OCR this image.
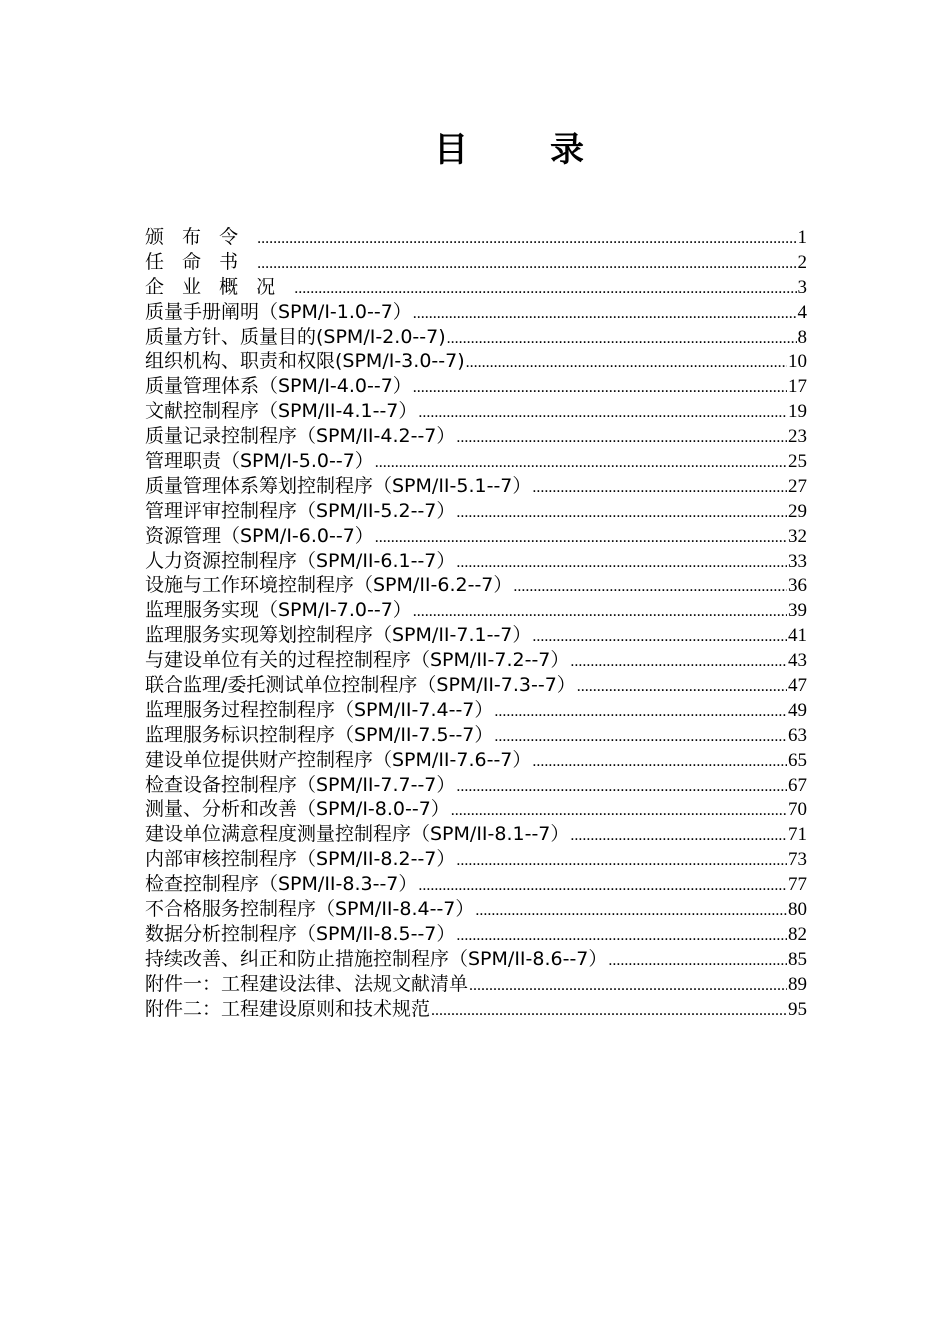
目 录
颁布令 .....	1
任命书 .....	2
企业概况 .....	3
质量手册阐明（SPM/I-1.0--7） .....	4
质量方针、质量目的(SPM/I-2.0--7) .....	8
组织机构、职责和权限(SPM/I-3.0--7) .....	10
质量管理体系（SPM/I-4.0--7） .....	17
文献控制程序（SPM/II-4.1--7） .....	19
质量记录控制程序（SPM/II-4.2--7） .....	23
管理职责（SPM/I-5.0--7） .....	25
质量管理体系筹划控制程序（SPM/II-5.1--7） .....	27
管理评审控制程序（SPM/II-5.2--7） .....	29
资源管理（SPM/I-6.0--7） .....	32
人力资源控制程序（SPM/II-6.1--7） .....	33
设施与工作环境控制程序（SPM/II-6.2--7） .....	36
监理服务实现（SPM/I-7.0--7） .....	39
监理服务实现筹划控制程序（SPM/II-7.1--7） .....	41
与建设单位有关的过程控制程序（SPM/II-7.2--7） .....	43
联合监理/委托测试单位控制程序（SPM/II-7.3--7） .....	47
监理服务过程控制程序（SPM/II-7.4--7） .....	49
监理服务标识控制程序（SPM/II-7.5--7） .....	63
建设单位提供财产控制程序（SPM/II-7.6--7） .....	65
检查设备控制程序（SPM/II-7.7--7） .....	67
测量、分析和改善（SPM/I-8.0--7） .....	70
建设单位满意程度测量控制程序（SPM/II-8.1--7） .....	71
内部审核控制程序（SPM/II-8.2--7） .....	73
检查控制程序（SPM/II-8.3--7） .....	77
不合格服务控制程序（SPM/II-8.4--7） .....	80
数据分析控制程序（SPM/II-8.5--7） .....	82
持续改善、纠正和防止措施控制程序（SPM/II-8.6--7） .....	85
附件一：工程建设法律、法规文献清单 .....	89
附件二：工程建设原则和技术规范 .....	95
